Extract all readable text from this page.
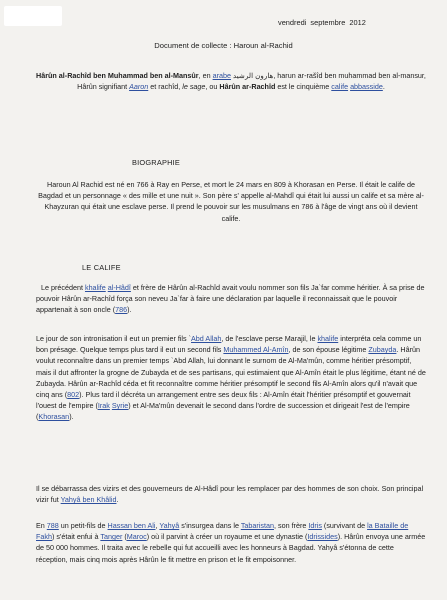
vendredi septembre 2012
Document de collecte : Haroun al-Rachid

Hârûn al-Rachîd ben Muhammad ben al-Mansûr, en arabe هارون الرشيد, harun ar-rašîd ben muhammad ben al-mansur, Hârûn signifiant Aaron et rachîd, le sage, ou Hârûn ar-Rachîd est le cinquième calife abbasside.

BIOGRAPHIE

Haroun Al Rachid est né en 766 à Ray en Perse, et mort le 24 mars en 809 à Khorasan en Perse. Il était le calife de Bagdad et un personnage « des mille et une nuit ». Son père s' appelle al-Mahdî qui était lui aussi un calife et sa mère al-Khayzuran qui était une esclave perse. Il prend le pouvoir sur les musulmans en 786 à l'âge de vingt ans où il devient calife.

LE CALIFE

Le précédent khalife al-Hâdî et frère de Hârûn al-Rachîd avait voulu nommer son fils Ja`far comme héritier. À sa prise de pouvoir Hârûn ar-Rachîd força son neveu Ja`far à faire une déclaration par laquelle il reconnaissait que le pouvoir appartenait à son oncle (786).

Le jour de son intronisation il eut un premier fils `Abd Allah, de l'esclave perse Marajil, le khalife interpréta cela comme un bon présage. Quelque temps plus tard il eut un second fils Muhammed Al-Amîn, de son épouse légitime Zubayda. Hârûn voulut reconnaître dans un premier temps `Abd Allah, lui donnant le surnom de Al-Ma'mûn, comme héritier présomptif, mais il dut affronter la grogne de Zubayda et de ses partisans, qui estimaient que Al-Amîn était le plus légitime, étant né de Zubayda. Hârûn ar-Rachîd céda et fit reconnaître comme héritier présomptif le second fils Al-Amîn alors qu'il n'avait que cinq ans (802). Plus tard il décréta un arrangement entre ses deux fils : Al-Amîn était l'héritier présomptif et gouvernait l'ouest de l'empire (Irak Syrie) et Al-Ma'mûn devenait le second dans l'ordre de succession et dirigeait l'est de l'empire (Khorasan).

Il se débarrassa des vizirs et des gouverneurs de Al-Hâdî pour les remplacer par des hommes de son choix. Son principal vizir fut Yahyâ ben Khâlid.

En 788 un petit-fils de Hassan ben Ali, Yahyâ s'insurgea dans le Tabaristan, son frère Idris (survivant de la Bataille de Fakh) s'était enfui à Tanger (Maroc) où il parvint à créer un royaume et une dynastie (Idrissides). Hârûn envoya une armée de 50 000 hommes. Il traita avec le rebelle qui fut accueilli avec les honneurs à Bagdad. Yahyâ s'étonna de cette réception, mais cinq mois après Hârûn le fit mettre en prison et le fit empoisonner.
